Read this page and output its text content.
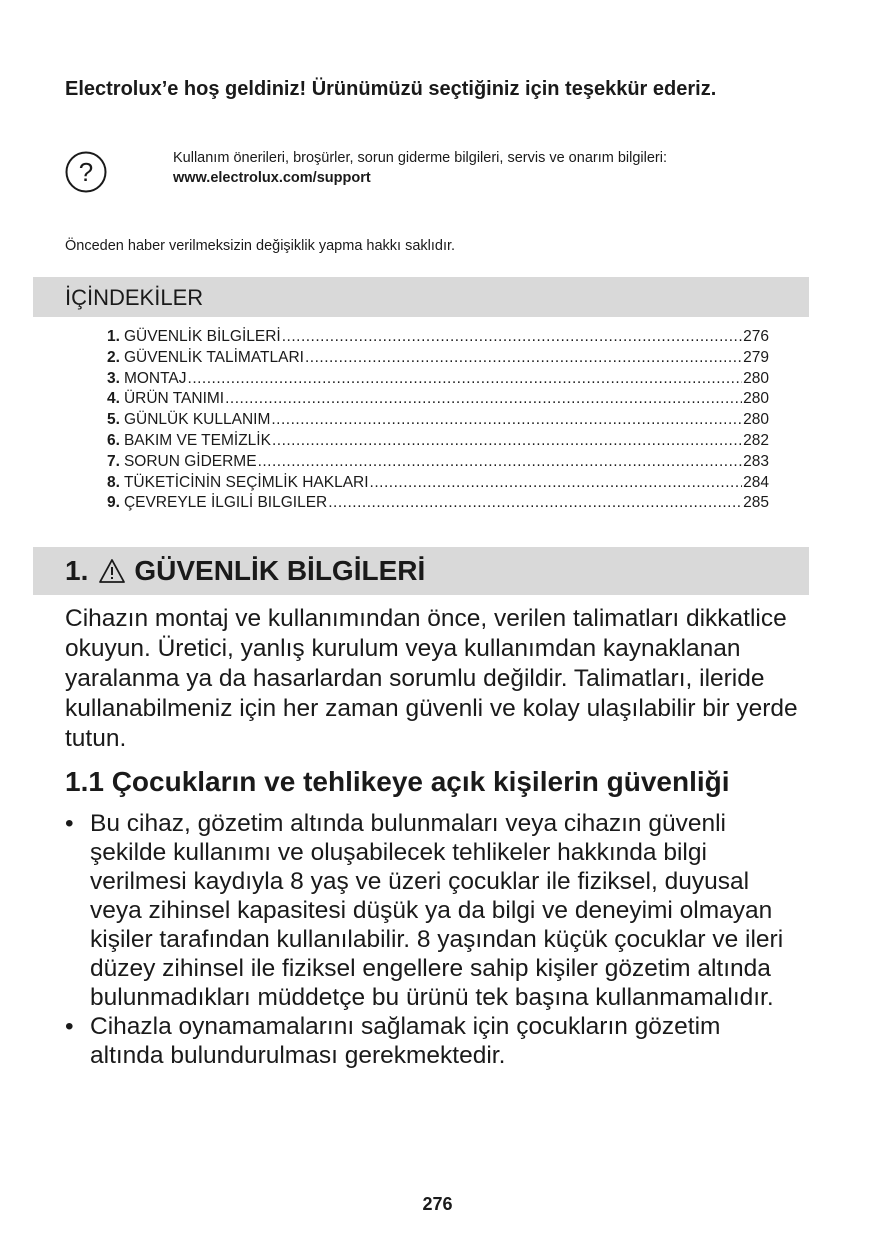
Electrolux’e hoş geldiniz! Ürünümüzü seçtiğiniz için teşekkür ederiz.
?	Kullanım önerileri, broşürler, sorun giderme bilgileri, servis ve onarım bilgileri:
www.electrolux.com/support
Önceden haber verilmeksizin değişiklik yapma hakkı saklıdır.
İÇİNDEKİLER
1. GÜVENLİK BİLGİLERİ .....	276
2. GÜVENLİK TALİMATLARI .....	279
3. MONTAJ .....	280
4. ÜRÜN TANIMI .....	280
5. GÜNLÜK KULLANIM .....	280
6. BAKIM VE TEMİZLİK .....	282
7. SORUN GİDERME .....	283
8. TÜKETİCİNİN SEÇİMLİK HAKLARI .....	284
9. ÇEVREYLE İLGILİ BILGILER .....	285
1. GÜVENLİK BİLGİLERİ

Cihazın montaj ve kullanımından önce, verilen talimatları dikkatlice okuyun. Üretici, yanlış kurulum veya kullanımdan kaynaklanan yaralanma ya da hasarlardan sorumlu değildir. Talimatları, ileride kullanabilmeniz için her zaman güvenli ve kolay ulaşılabilir bir yerde tutun.

1.1 Çocukların ve tehlikeye açık kişilerin güvenliği
• Bu cihaz, gözetim altında bulunmaları veya cihazın güvenli şekilde kullanımı ve oluşabilecek tehlikeler hakkında bilgi verilmesi kaydıyla 8 yaş ve üzeri çocuklar ile fiziksel, duyusal veya zihinsel kapasitesi düşük ya da bilgi ve deneyimi olmayan kişiler tarafından kullanılabilir. 8 yaşından küçük çocuklar ve ileri düzey zihinsel ile fiziksel engellere sahip kişiler gözetim altında bulunmadıkları müddetçe bu ürünü tek başına kullanmamalıdır.
• Cihazla oynamamalarını sağlamak için çocukların gözetim altında bulundurulması gerekmektedir.
276
